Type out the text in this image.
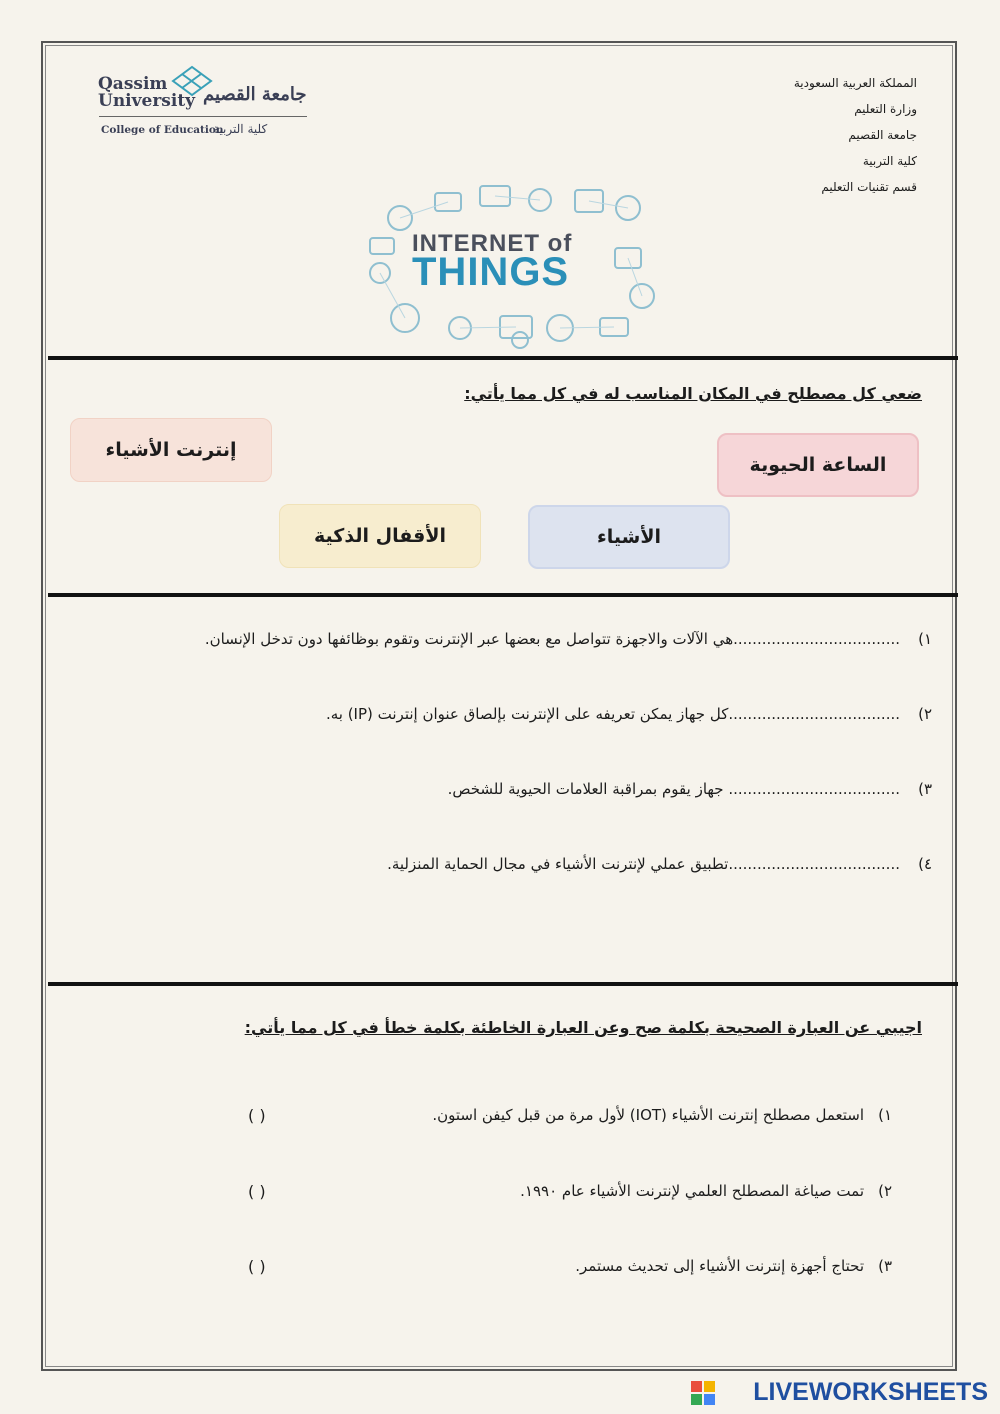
المملكة العربية السعودية
وزارة التعليم
جامعة القصيم
كلية التربية
قسم تقنيات التعليم
Qassim University جامعة القصيم
College of Education
كلية التربية
INTERNET of
THINGS
ضعي كل مصطلح في المكان المناسب له في كل مما يأتي:
إنترنت الأشياء
الساعة الحيوية
الأقفال الذكية	الأشياء
١)...................................هي الآلات والاجهزة تتواصل مع بعضها عبر الإنترنت وتقوم بوظائفها دون تدخل الإنسان.
٢)....................................كل جهاز يمكن تعريفه على الإنترنت بإلصاق عنوان إنترنت (IP) به.
٣).................................... جهاز يقوم بمراقبة العلامات الحيوية للشخص.
٤)....................................تطبيق عملي لإنترنت الأشياء في مجال الحماية المنزلية.
اجيبي عن العبارة الصحيحة بكلمة صح وعن العبارة الخاطئة بكلمة خطأ في كل مما يأتي:
١)استعمل مصطلح إنترنت الأشياء (IOT) لأول مرة من قبل كيفن استون.
( )
٢)تمت صياغة المصطلح العلمي لإنترنت الأشياء عام ١٩٩٠.
( )
٣)تحتاج أجهزة إنترنت الأشياء إلى تحديث مستمر.
( )
LIVEWORKSHEETS
